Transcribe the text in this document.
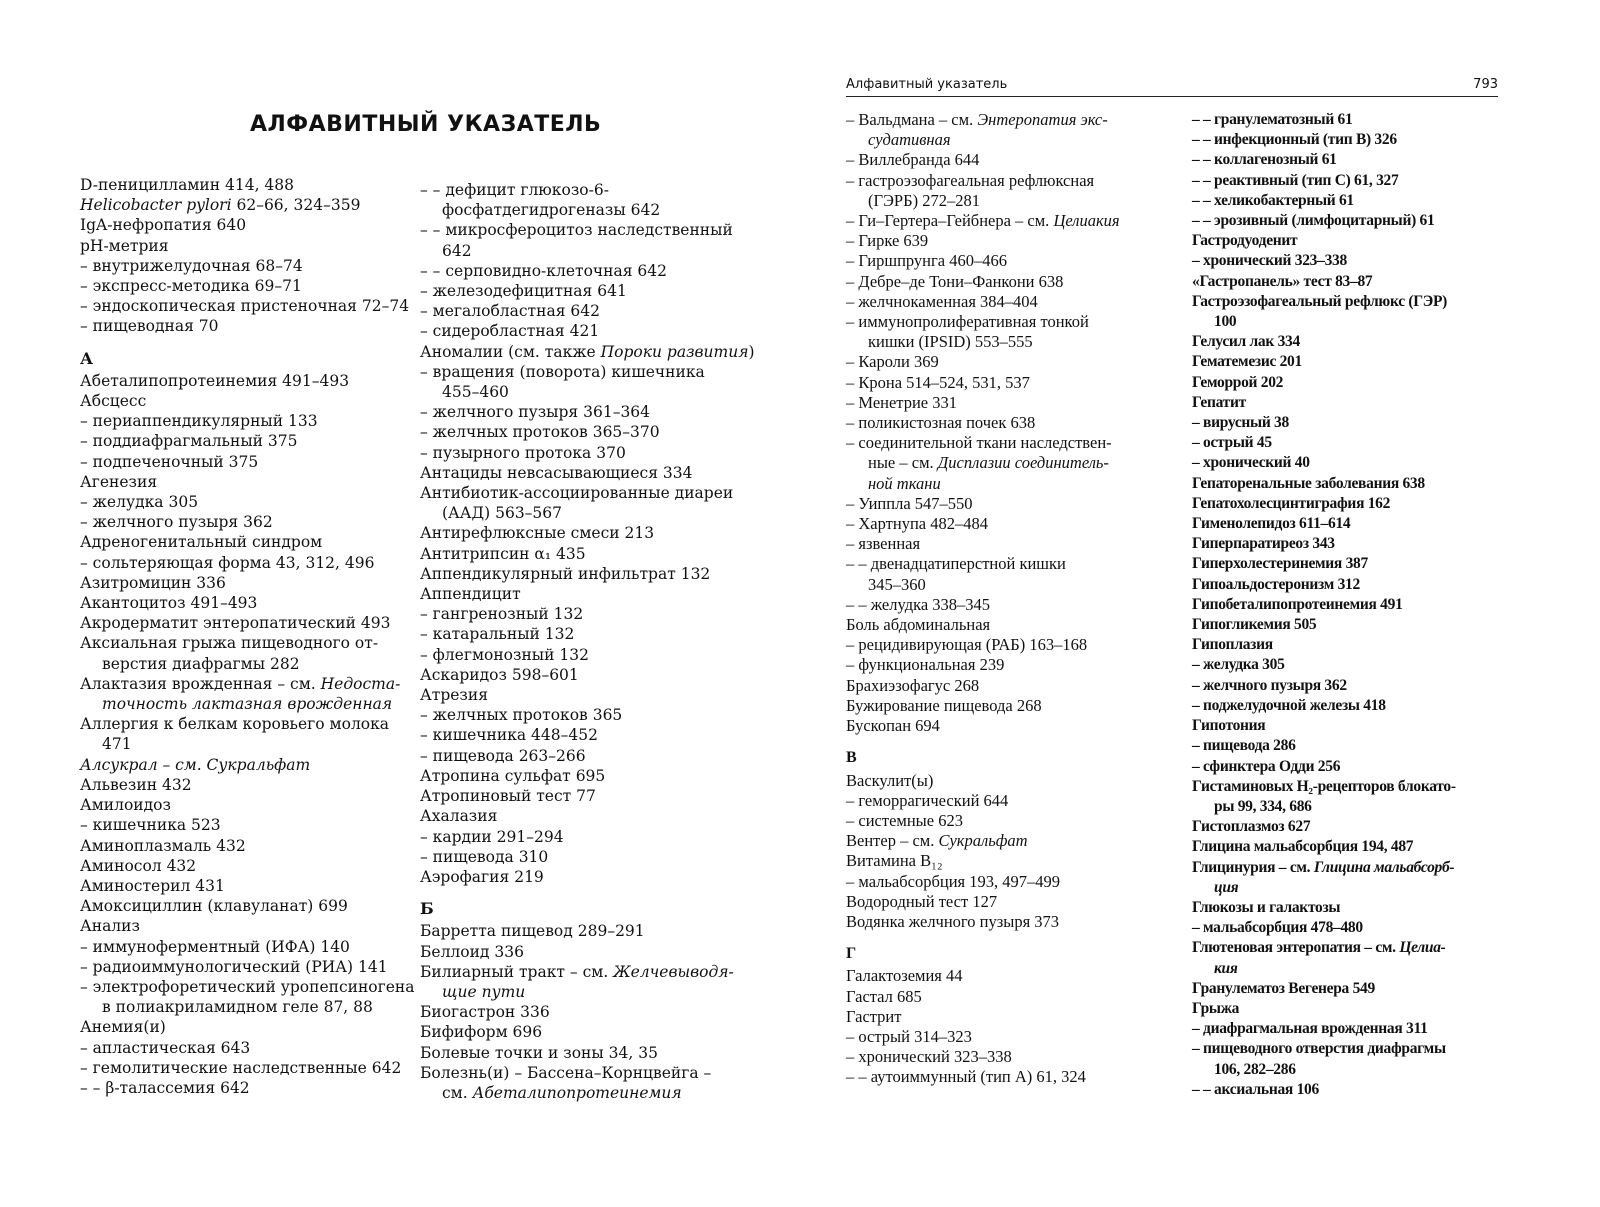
АЛФАВИТНЫЙ УКАЗАТЕЛЬ
D-пеницилламин 414, 488
Helicobacter pylori 62–66, 324–359
IgA-нефропатия 640
pH-метрия
– внутрижелудочная 68–74
– экспресс-методика 69–71
– эндоскопическая пристеночная 72–74
– пищеводная 70
А
Абеталипопротеинемия 491–493
Абсцесс
– периаппендикулярный 133
– поддиафрагмальный 375
– подпеченочный 375
Агенезия
– желудка 305
– желчного пузыря 362
Адреногенитальный синдром
– сольтеряющая форма 43, 312, 496
Азитромицин 336
Акантоцитоз 491–493
Акродерматит энтеропатический 493
Аксиальная грыжа пищеводного от-
верстия диафрагмы 282
Алактазия врожденная – см. Недоста-
точность лактазная врожденная
Аллергия к белкам коровьего молока
471
Алсукрал – см. Сукральфат
Альвезин 432
Амилоидоз
– кишечника 523
Аминоплазмаль 432
Аминосол 432
Аминостерил 431
Амоксициллин (клавуланат) 699
Анализ
– иммуноферментный (ИФА) 140
– радиоиммунологический (РИА) 141
– электрофоретический уропепсиногена
в полиакриламидном геле 87, 88
Анемия(и)
– апластическая 643
– гемолитические наследственные 642
– – β-талассемия 642
– – дефицит глюкозо-6-
фосфатдегидрогеназы 642
– – микросфероцитоз наследственный
642
– – серповидно-клеточная 642
– железодефицитная 641
– мегалобластная 642
– сидеробластная 421
Аномалии (см. также Пороки развития)
– вращения (поворота) кишечника
455–460
– желчного пузыря 361–364
– желчных протоков 365–370
– пузырного протока 370
Антациды невсасывающиеся 334
Антибиотик-ассоциированные диареи
(ААД) 563–567
Антирефлюксные смеси 213
Антитрипсин α₁ 435
Аппендикулярный инфильтрат 132
Аппендицит
– гангренозный 132
– катаральный 132
– флегмонозный 132
Аскаридоз 598–601
Атрезия
– желчных протоков 365
– кишечника 448–452
– пищевода 263–266
Атропина сульфат 695
Атропиновый тест 77
Ахалазия
– кардии 291–294
– пищевода 310
Аэрофагия 219
Б
Барретта пищевод 289–291
Беллоид 336
Билиарный тракт – см. Желчевыводя-
щие пути
Биогастрон 336
Бифиформ 696
Болевые точки и зоны 34, 35
Болезнь(и) – Бассена–Корнцвейга –
см. Абеталипопротеинемия
Алфавитный указатель	793
– Вальдмана – см. Энтеропатия экс-
судативная
– Виллебранда 644
– гастроэзофагеальная рефлюксная
(ГЭРБ) 272–281
– Ги–Гертера–Гейбнера – см. Целиакия
– Гирке 639
– Гиршпрунга 460–466
– Дебре–де Тони–Фанкони 638
– желчнокаменная 384–404
– иммунопролиферативная тонкой
кишки (IPSID) 553–555
– Кароли 369
– Крона 514–524, 531, 537
– Менетрие 331
– поликистозная почек 638
– соединительной ткани наследствен-
ные – см. Дисплазии соединитель-
ной ткани
– Уиппла 547–550
– Хартнупа 482–484
– язвенная
– – двенадцатиперстной кишки
345–360
– – желудка 338–345
Боль абдоминальная
– рецидивирующая (РАБ) 163–168
– функциональная 239
Брахиэзофагус 268
Бужирование пищевода 268
Бускопан 694
В
Васкулит(ы)
– геморрагический 644
– системные 623
Вентер – см. Сукральфат
Витамина B₁₂
– мальабсорбция 193, 497–499
Водородный тест 127
Водянка желчного пузыря 373
Г
Галактоземия 44
Гастал 685
Гастрит
– острый 314–323
– хронический 323–338
– – аутоиммунный (тип А) 61, 324
– – гранулематозный 61
– – инфекционный (тип В) 326
– – коллагенозный 61
– – реактивный (тип С) 61, 327
– – хеликобактерный 61
– – эрозивный (лимфоцитарный) 61
Гастродуоденит
– хронический 323–338
«Гастропанель» тест 83–87
Гастроэзофагеальный рефлюкс (ГЭР)
100
Гелусил лак 334
Гематемезис 201
Геморрой 202
Гепатит
– вирусный 38
– острый 45
– хронический 40
Гепаторенальные заболевания 638
Гепатохолесцинтиграфия 162
Гименолепидоз 611–614
Гиперпаратиреоз 343
Гиперхолестеринемия 387
Гипоальдостеронизм 312
Гипобеталипопротеинемия 491
Гипогликемия 505
Гипоплазия
– желудка 305
– желчного пузыря 362
– поджелудочной железы 418
Гипотония
– пищевода 286
– сфинктера Одди 256
Гистаминовых H₂-рецепторов блокато-
ры 99, 334, 686
Гистоплазмоз 627
Глицина мальабсорбция 194, 487
Глицинурия – см. Глицина мальабсорб-
ция
Глюкозы и галактозы
– мальабсорбция 478–480
Глютеновая энтеропатия – см. Целиа-
кия
Гранулематоз Вегенера 549
Грыжа
– диафрагмальная врожденная 311
– пищеводного отверстия диафрагмы
106, 282–286
– – аксиальная 106
